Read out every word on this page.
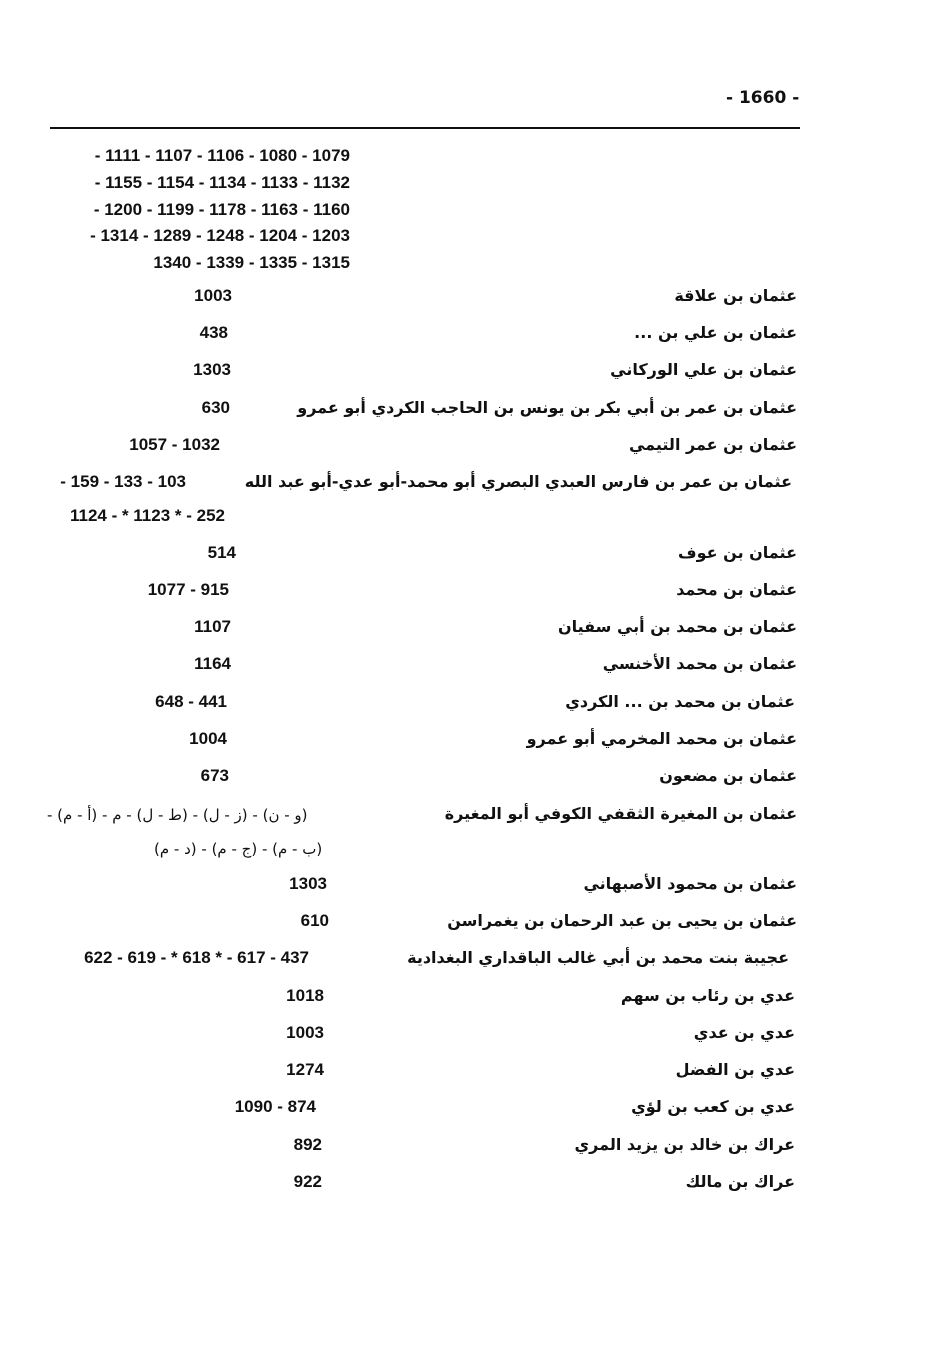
- 1660 -
- 1111 - 1107 - 1106 - 1080 - 1079
- 1155 - 1154 - 1134 - 1133 - 1132
- 1200 - 1199 - 1178 - 1163 - 1160
- 1314 - 1289 - 1248 - 1204 - 1203
1340 - 1339 - 1335 - 1315
عثمان بن علاقة
1003
عثمان بن علي بن ...
438
عثمان بن علي الوركاني
1303
عثمان بن عمر بن أبي بكر بن يونس بن الحاجب الكردي أبو عمرو
630
عثمان بن عمر التيمي
1057 - 1032
عثمان بن عمر بن فارس العبدي البصري أبو محمد-أبو عدي-أبو عبد الله
- 159 - 133 - 103
1124 - * 1123 * - 252
عثمان بن عوف
514
عثمان بن محمد
1077 - 915
عثمان بن محمد بن أبي سفيان
1107
عثمان بن محمد الأخنسي
1164
عثمان بن محمد بن ... الكردي
648 - 441
عثمان بن محمد المخرمي أبو عمرو
1004
عثمان بن مضعون
673
عثمان بن المغيرة الثقفي الكوفي أبو المغيرة
(و - ن) - (ز - ل) - (ط - ل) - م - (أ - م) -
(ب - م) - (ج - م) - (د - م)
عثمان بن محمود الأصبهاني
1303
عثمان بن يحيى بن عبد الرحمان بن يغمراسن
610
عجيبة بنت محمد بن أبي غالب الباقداري البغدادية
622 - 619 - * 618 * - 617 - 437
عدي بن رئاب بن سهم
1018
عدي بن عدي
1003
عدي بن الفضل
1274
عدي بن كعب بن لؤي
1090 - 874
عراك بن خالد بن يزيد المري
892
عراك بن مالك
922
